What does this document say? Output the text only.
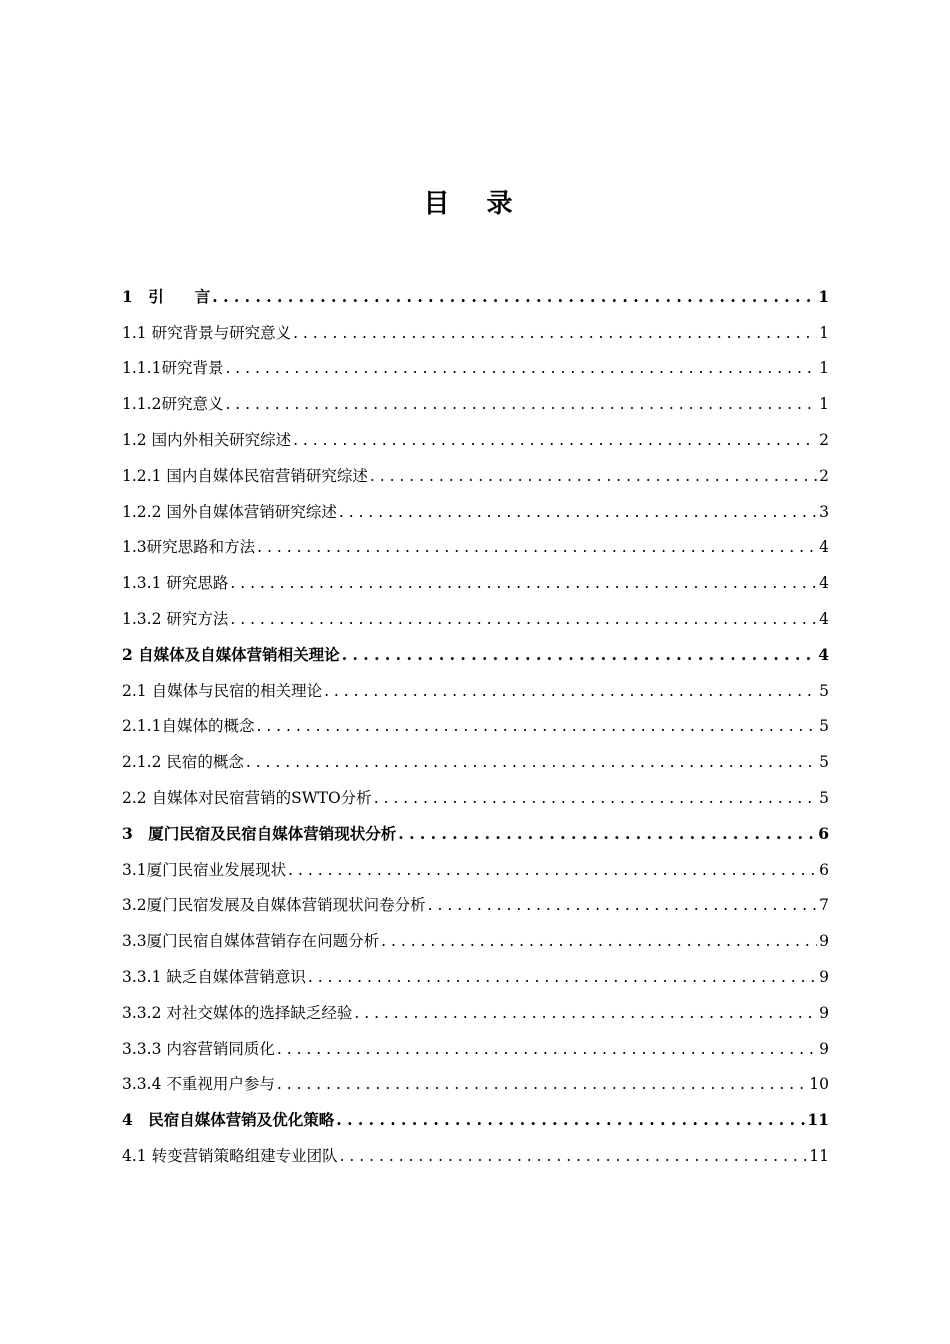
目 录
1　引　　言 . . .	1
1.1 研究背景与研究意义 . . .	1
1.1.1研究背景 . . .	1
1.1.2研究意义 . . .	1
1.2 国内外相关研究综述 . . .	2
1.2.1 国内自媒体民宿营销研究综述 . . .	2
1.2.2 国外自媒体营销研究综述 . . .	3
1.3研究思路和方法 . . .	4
1.3.1 研究思路 . . .	4
1.3.2 研究方法 . . .	4
2 自媒体及自媒体营销相关理论 . . .	4
2.1 自媒体与民宿的相关理论 . . .	5
2.1.1自媒体的概念 . . .	5
2.1.2 民宿的概念 . . .	5
2.2 自媒体对民宿营销的SWTO分析 . . .	5
3　厦门民宿及民宿自媒体营销现状分析 . . .	6
3.1厦门民宿业发展现状 . . .	6
3.2厦门民宿发展及自媒体营销现状问卷分析 . . .	7
3.3厦门民宿自媒体营销存在问题分析 . . .	9
3.3.1 缺乏自媒体营销意识 . . .	9
3.3.2 对社交媒体的选择缺乏经验 . . .	9
3.3.3 内容营销同质化 . . .	9
3.3.4 不重视用户参与 . . .	10
4　民宿自媒体营销及优化策略 . . .	11
4.1 转变营销策略组建专业团队 . . .	11
